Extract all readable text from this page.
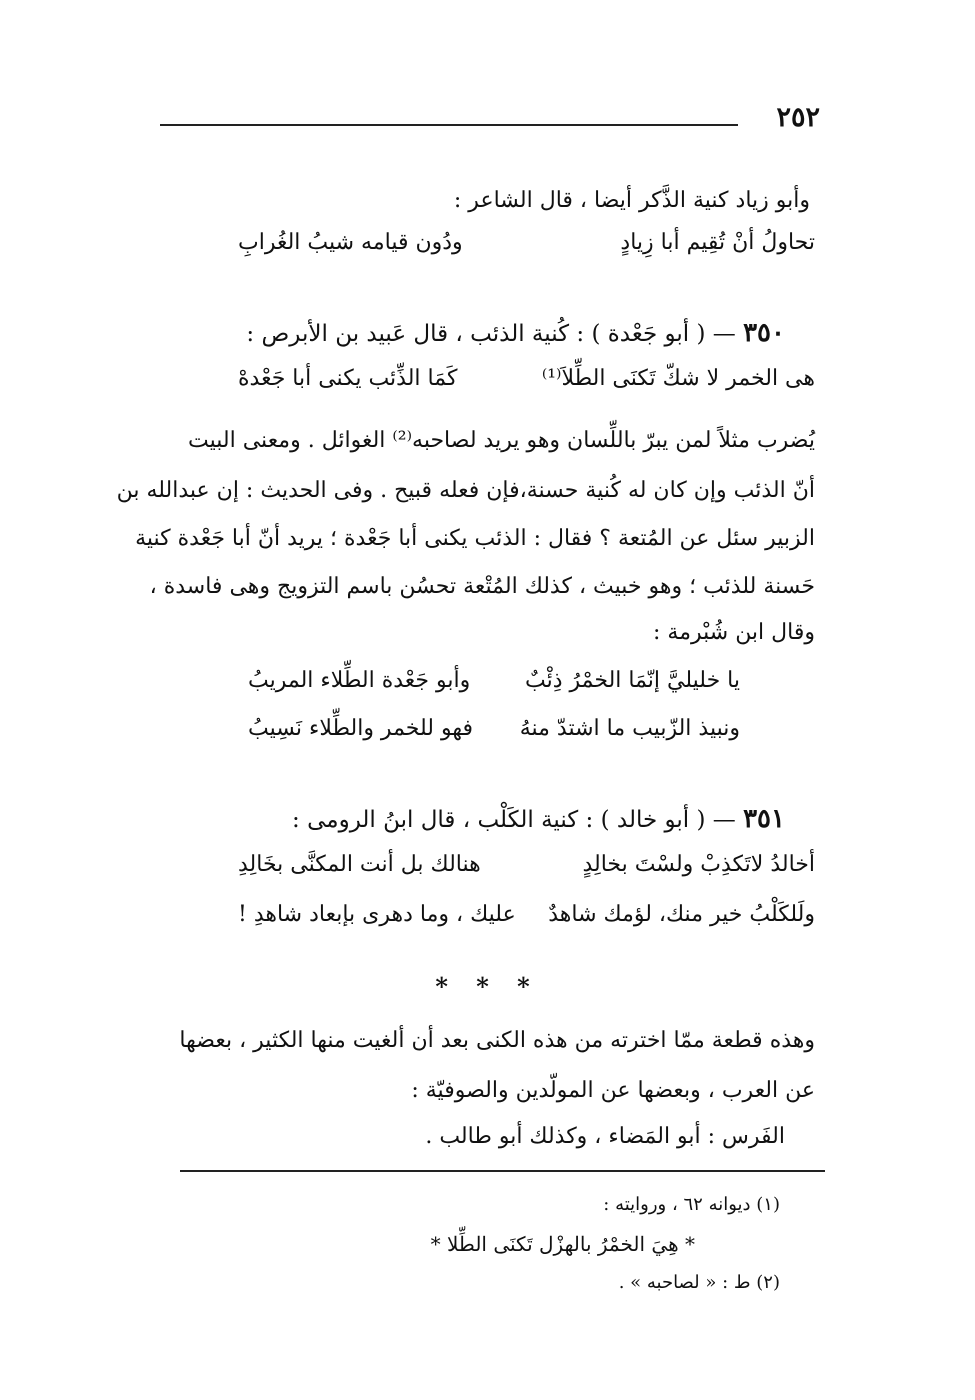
٢٥٢
وأبو زياد كنية الذَّكر أيضا ، قال الشاعر :
تحاولُ أنْ تُقِيم أبا زِيادٍ
ودُون قيامه شيبُ الغُرابِ
٣٥٠ — ( أبو جَعْدة ) : كُنية الذئب ، قال عَبيد بن الأبرص :
هى الخمر لا شكّ تَكنَى الطِّلاَ⁽¹⁾
كَمَا الذِّئب يكنى أبا جَعْدهْ
يُضرب مثلاً لمن يبرّ باللِّسان وهو يريد لصاحبه⁽²⁾ الغوائل . ومعنى البيت
أنّ الذئب وإن كان له كُنية حسنة،فإن فعله قبيح . وفى الحديث : إن عبدالله بن
الزبير سئل عن المُتعة ؟ فقال : الذئب يكنى أبا جَعْدة ؛ يريد أنّ أبا جَعْدة كنية
حَسنة للذئب ؛ وهو خبيث ، كذلك المُتْعة تحسُن باسم التزويج وهى فاسدة ،
وقال ابن شُبْرمة :
يا خليليَّ إنّمَا الخمْرُ ذِئْبٌ
وأبو جَعْدة الطِّلاء المريبُ
ونبيذ الزّبيب ما اشتدّ منهُ
فهو للخمر والطِّلاء نَسِيبُ
٣٥١ — ( أبو خالد ) : كنية الكَلْب ، قال ابنُ الرومى :
أخالدُ لاتَكذِبْ ولسْتَ بخالِدٍ
هنالك بل أنت المكنَّى بخَالِدِ
ولَلكَلْبُ خير منك، لؤمك شاهدٌ
عليك ، وما دهرى بإبعاد شاهدِ !
* * *
وهذه قطعة ممّا اخترته من هذه الكنى بعد أن ألغيت منها الكثير ، بعضها
عن العرب ، وبعضها عن المولّدين والصوفيّة :
الفَرس : أبو المَضاء ، وكذلك أبو طالب .
(١) ديوانه ٦٢ ، وروايته :
* هِيَ الخمْرُ بالهزْل تَكنَى الطِّلا *
(٢) ط : « لصاحبه » .
